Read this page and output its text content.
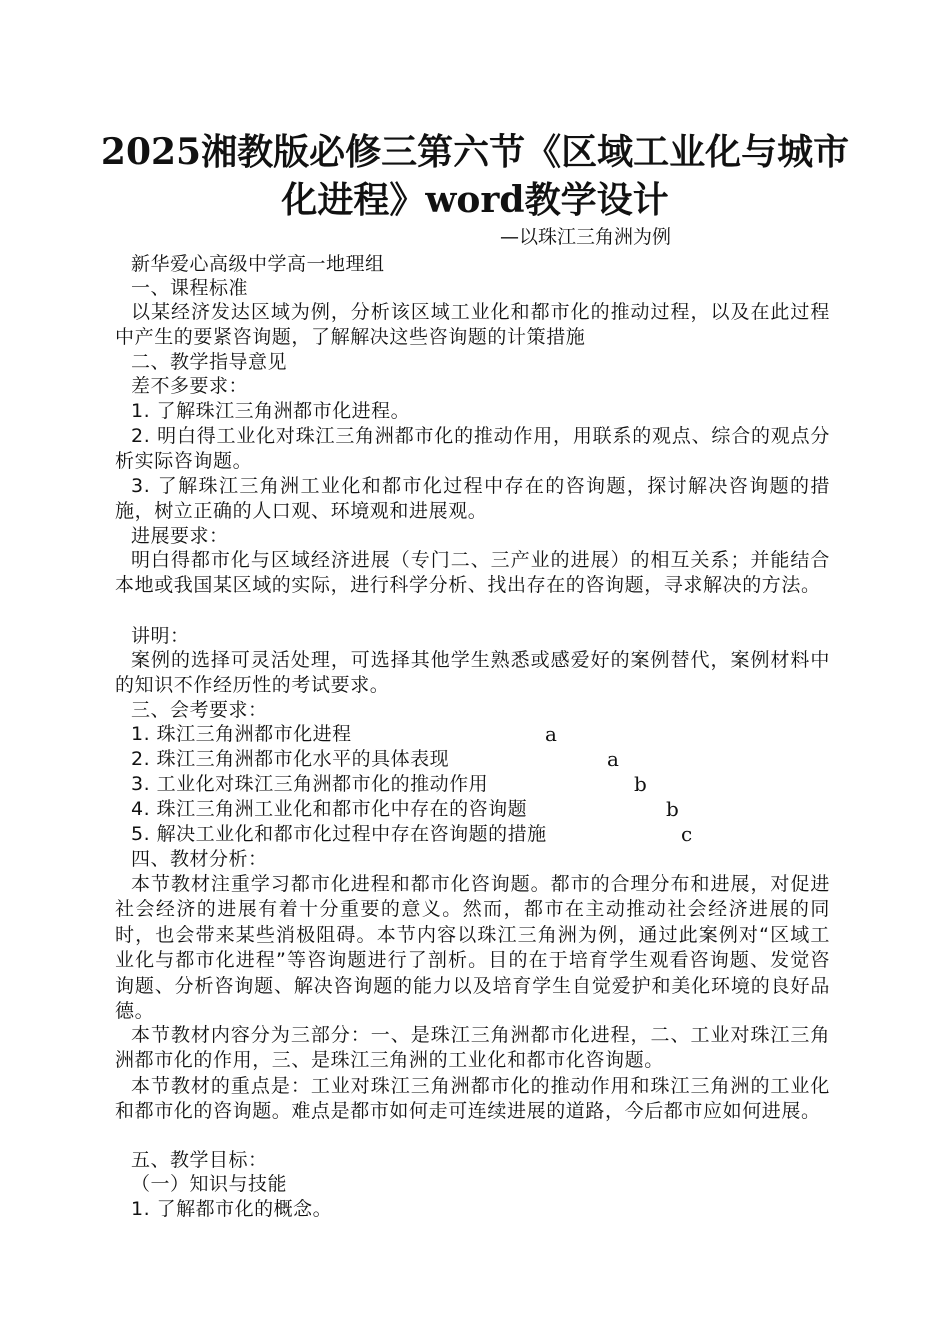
2025湘教版必修三第六节《区域工业化与城市
化进程》word教学设计
—以珠江三角洲为例
新华爱心高级中学高一地理组
一、课程标准
以某经济发达区域为例，分析该区域工业化和都市化的推动过程，以及在此过程中产生的要紧咨询题，了解解决这些咨询题的计策措施
二、教学指导意见
差不多要求：
1. 了解珠江三角洲都市化进程。
2. 明白得工业化对珠江三角洲都市化的推动作用，用联系的观点、综合的观点分析实际咨询题。
3. 了解珠江三角洲工业化和都市化过程中存在的咨询题，探讨解决咨询题的措施，树立正确的人口观、环境观和进展观。
进展要求：
明白得都市化与区域经济进展（专门二、三产业的进展）的相互关系；并能结合本地或我国某区域的实际，进行科学分析、找出存在的咨询题，寻求解决的方法。
讲明：
案例的选择可灵活处理，可选择其他学生熟悉或感爱好的案例替代，案例材料中的知识不作经历性的考试要求。
三、会考要求：
1. 珠江三角洲都市化进程	a
2. 珠江三角洲都市化水平的具体表现	a
3. 工业化对珠江三角洲都市化的推动作用	b
4. 珠江三角洲工业化和都市化中存在的咨询题	b
5. 解决工业化和都市化过程中存在咨询题的措施	c
四、教材分析：
本节教材注重学习都市化进程和都市化咨询题。都市的合理分布和进展，对促进社会经济的进展有着十分重要的意义。然而，都市在主动推动社会经济进展的同时，也会带来某些消极阻碍。本节内容以珠江三角洲为例，通过此案例对“区域工业化与都市化进程”等咨询题进行了剖析。目的在于培育学生观看咨询题、发觉咨询题、分析咨询题、解决咨询题的能力以及培育学生自觉爱护和美化环境的良好品德。
本节教材内容分为三部分：一、是珠江三角洲都市化进程，二、工业对珠江三角洲都市化的作用，三、是珠江三角洲的工业化和都市化咨询题。
本节教材的重点是：工业对珠江三角洲都市化的推动作用和珠江三角洲的工业化和都市化的咨询题。难点是都市如何走可连续进展的道路，今后都市应如何进展。
五、教学目标：
（一）知识与技能
1. 了解都市化的概念。
